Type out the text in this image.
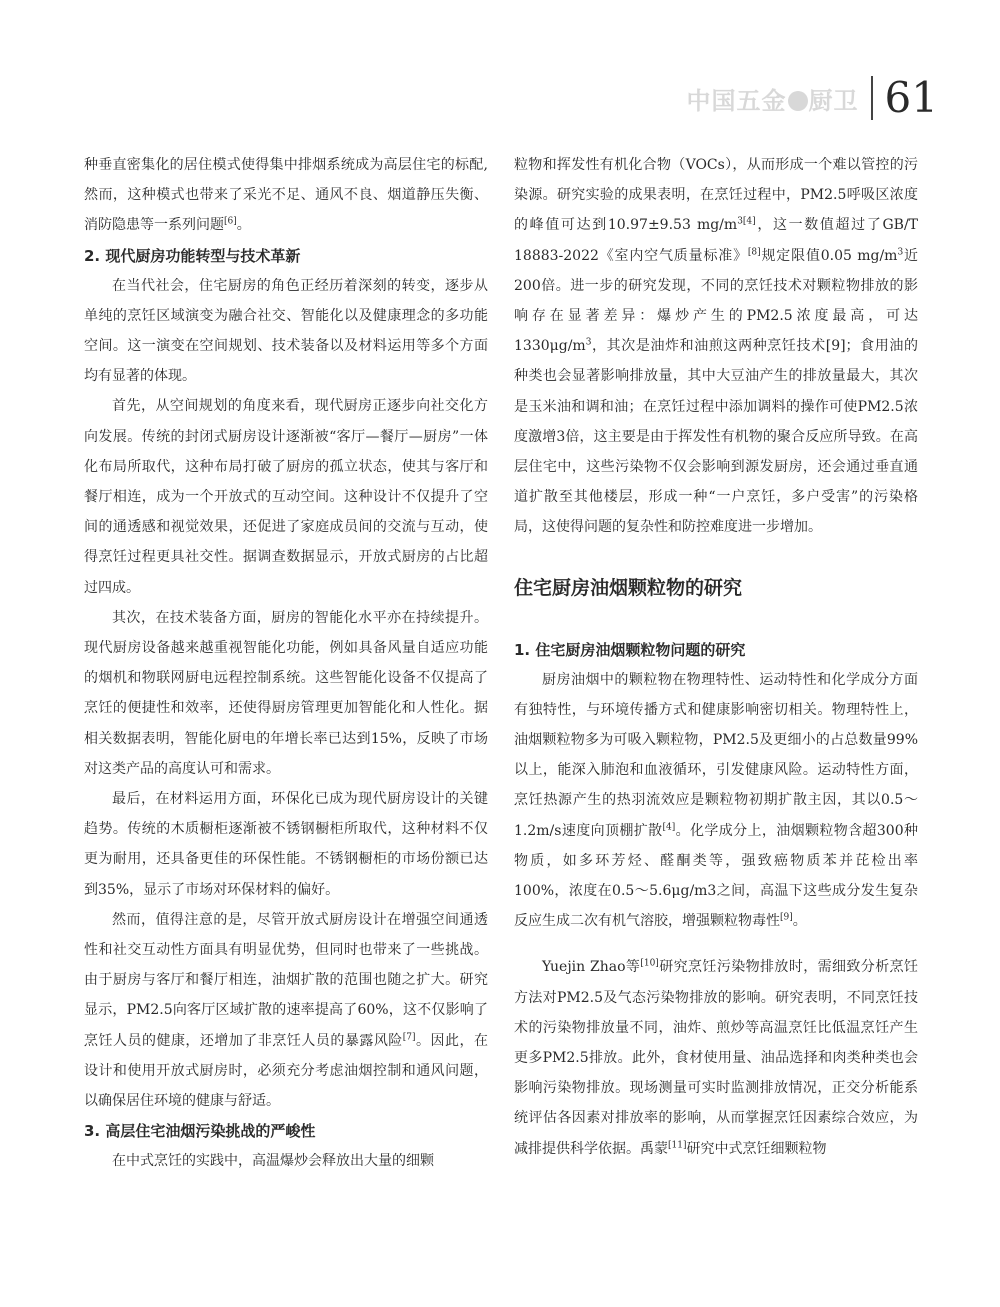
中国五金 厨卫 61

种垂直密集化的居住模式使得集中排烟系统成为高层住宅的标配,然而，这种模式也带来了采光不足、通风不良、烟道静压失衡、消防隐患等一系列问题[6]。

2. 现代厨房功能转型与技术革新

在当代社会，住宅厨房的角色正经历着深刻的转变，逐步从单纯的烹饪区域演变为融合社交、智能化以及健康理念的多功能空间。这一演变在空间规划、技术装备以及材料运用等多个方面均有显著的体现。

首先，从空间规划的角度来看，现代厨房正逐步向社交化方向发展。传统的封闭式厨房设计逐渐被“客厅—餐厅—厨房”一体化布局所取代，这种布局打破了厨房的孤立状态，使其与客厅和餐厅相连，成为一个开放式的互动空间。这种设计不仅提升了空间的通透感和视觉效果，还促进了家庭成员间的交流与互动，使得烹饪过程更具社交性。据调查数据显示，开放式厨房的占比超过四成。

其次，在技术装备方面，厨房的智能化水平亦在持续提升。现代厨房设备越来越重视智能化功能，例如具备风量自适应功能的烟机和物联网厨电远程控制系统。这些智能化设备不仅提高了烹饪的便捷性和效率，还使得厨房管理更加智能化和人性化。据相关数据表明，智能化厨电的年增长率已达到15%，反映了市场对这类产品的高度认可和需求。

最后，在材料运用方面，环保化已成为现代厨房设计的关键趋势。传统的木质橱柜逐渐被不锈钢橱柜所取代，这种材料不仅更为耐用，还具备更佳的环保性能。不锈钢橱柜的市场份额已达到35%，显示了市场对环保材料的偏好。

然而，值得注意的是，尽管开放式厨房设计在增强空间通透性和社交互动性方面具有明显优势，但同时也带来了一些挑战。由于厨房与客厅和餐厅相连，油烟扩散的范围也随之扩大。研究显示，PM2.5向客厅区域扩散的速率提高了60%，这不仅影响了烹饪人员的健康，还增加了非烹饪人员的暴露风险[7]。因此，在设计和使用开放式厨房时，必须充分考虑油烟控制和通风问题，以确保居住环境的健康与舒适。

3. 高层住宅油烟污染挑战的严峻性

在中式烹饪的实践中，高温爆炒会释放出大量的细颗

粒物和挥发性有机化合物（VOCs），从而形成一个难以管控的污染源。研究实验的成果表明，在烹饪过程中，PM2.5呼吸区浓度的峰值可达到10.97±9.53 $mg/m^{3[4]}$，这一数值超过了GB/T 18883-2022《室内空气质量标准》[8]规定限值0.05 $mg/m^3$近200倍。进一步的研究发现，不同的烹饪技术对颗粒物排放的影响存在显著差异：爆炒产生的PM2.5浓度最高，可达$1330\mu g/m^3$，其次是油炸和油煎这两种烹饪技术[9]；食用油的种类也会显著影响排放量，其中大豆油产生的排放量最大，其次是玉米油和调和油；在烹饪过程中添加调料的操作可使PM2.5浓度激增3倍，这主要是由于挥发性有机物的聚合反应所导致。在高层住宅中，这些污染物不仅会影响到源发厨房，还会通过垂直通道扩散至其他楼层，形成一种“一户烹饪，多户受害”的污染格局，这使得问题的复杂性和防控难度进一步增加。

住宅厨房油烟颗粒物的研究
1. 住宅厨房油烟颗粒物问题的研究

厨房油烟中的颗粒物在物理特性、运动特性和化学成分方面有独特性，与环境传播方式和健康影响密切相关。物理特性上，油烟颗粒物多为可吸入颗粒物，PM2.5及更细小的占总数量99%以上，能深入肺泡和血液循环，引发健康风险。运动特性方面，烹饪热源产生的热羽流效应是颗粒物初期扩散主因，其以0.5～1.2m/s速度向顶棚扩散[4]。化学成分上，油烟颗粒物含超300种物质，如多环芳烃、醛酮类等，强致癌物质苯并芘检出率100%，浓度在0.5～5.6μg/m3之间，高温下这些成分发生复杂反应生成二次有机气溶胶，增强颗粒物毒性[9]。

Yuejin Zhao等[10]研究烹饪污染物排放时，需细致分析烹饪方法对PM2.5及气态污染物排放的影响。研究表明，不同烹饪技术的污染物排放量不同，油炸、煎炒等高温烹饪比低温烹饪产生更多PM2.5排放。此外，食材使用量、油品选择和肉类种类也会影响污染物排放。现场测量可实时监测排放情况，正交分析能系统评估各因素对排放率的影响，从而掌握烹饪因素综合效应，为减排提供科学依据。禹蒙[11]研究中式烹饪细颗粒物
